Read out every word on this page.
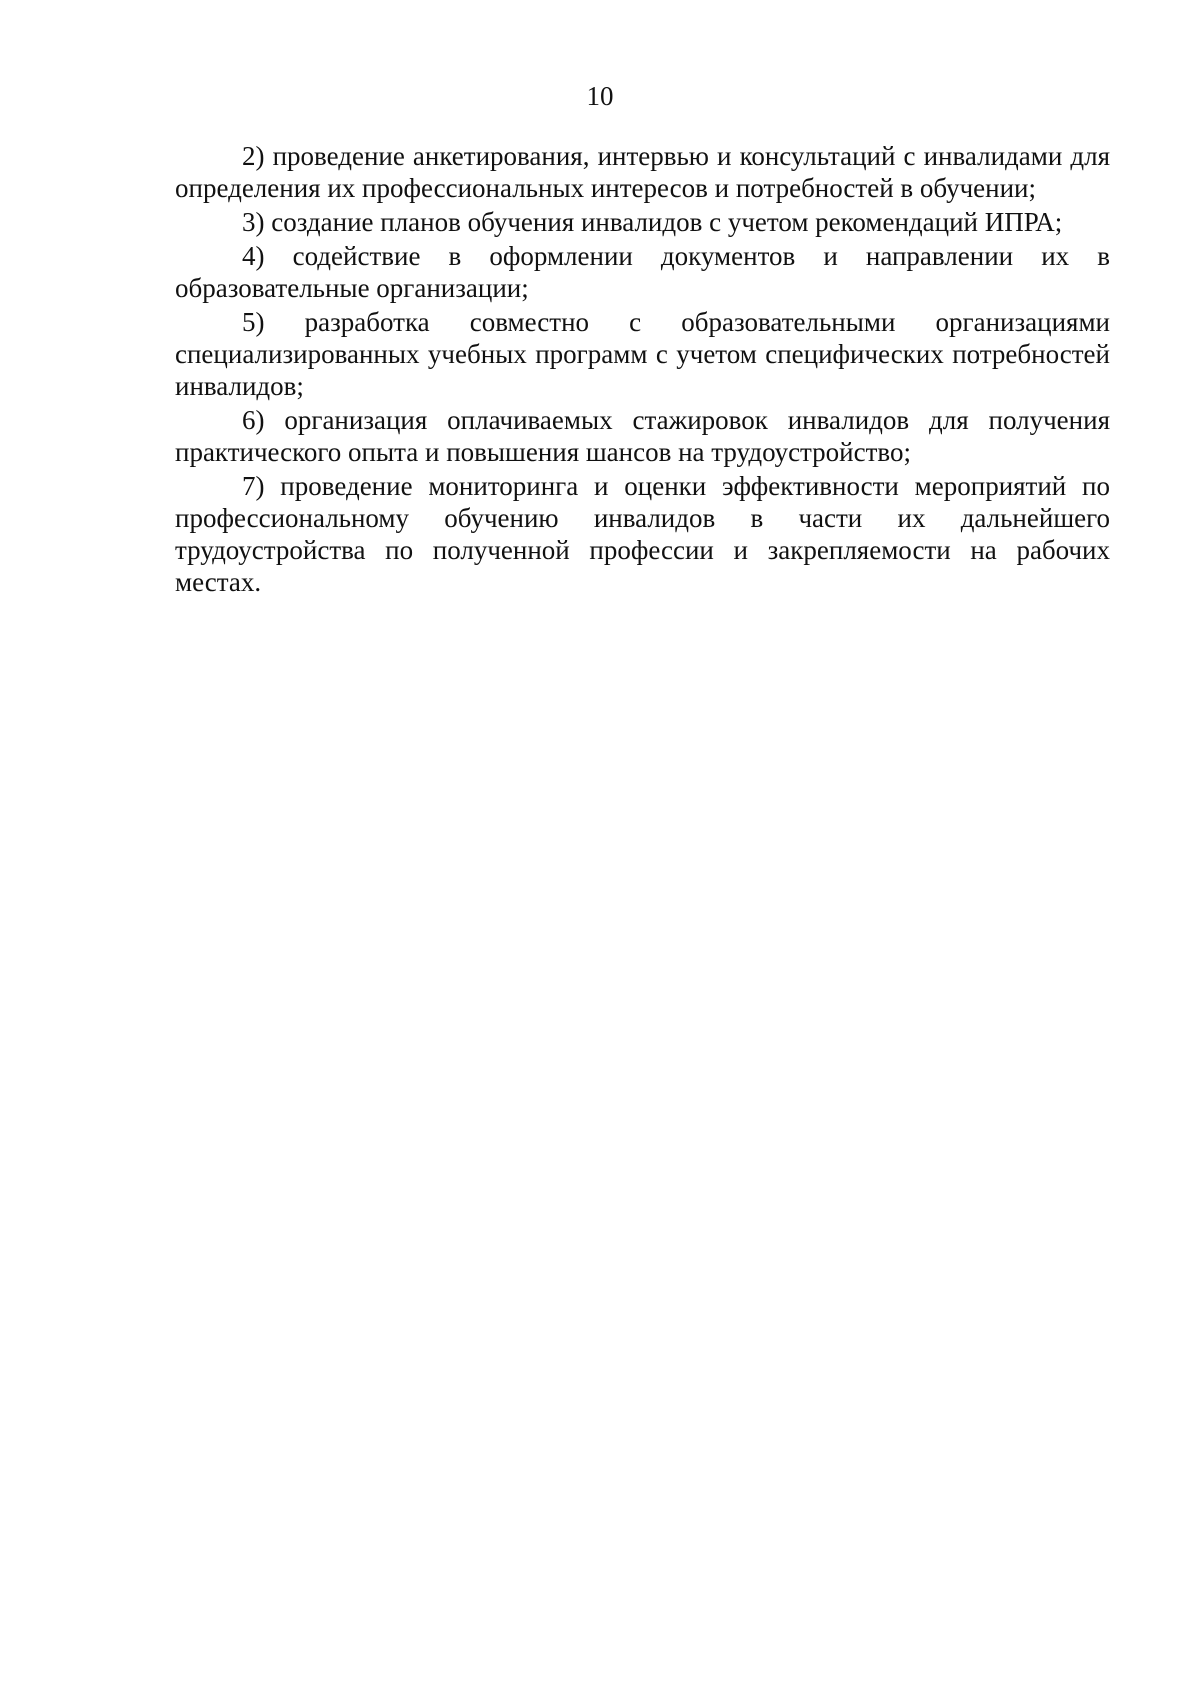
10

2) проведение анкетирования, интервью и консультаций с инвалидами для определения их профессиональных интересов и потребностей в обучении;

3) создание планов обучения инвалидов с учетом рекомендаций ИПРА;

4) содействие в оформлении документов и направлении их в образовательные организации;

5) разработка совместно с образовательными организациями специализированных учебных программ с учетом специфических потребностей инвалидов;

6) организация оплачиваемых стажировок инвалидов для получения практического опыта и повышения шансов на трудоустройство;

7) проведение мониторинга и оценки эффективности мероприятий по профессиональному обучению инвалидов в части их дальнейшего трудоустройства по полученной профессии и закрепляемости на рабочих местах.
